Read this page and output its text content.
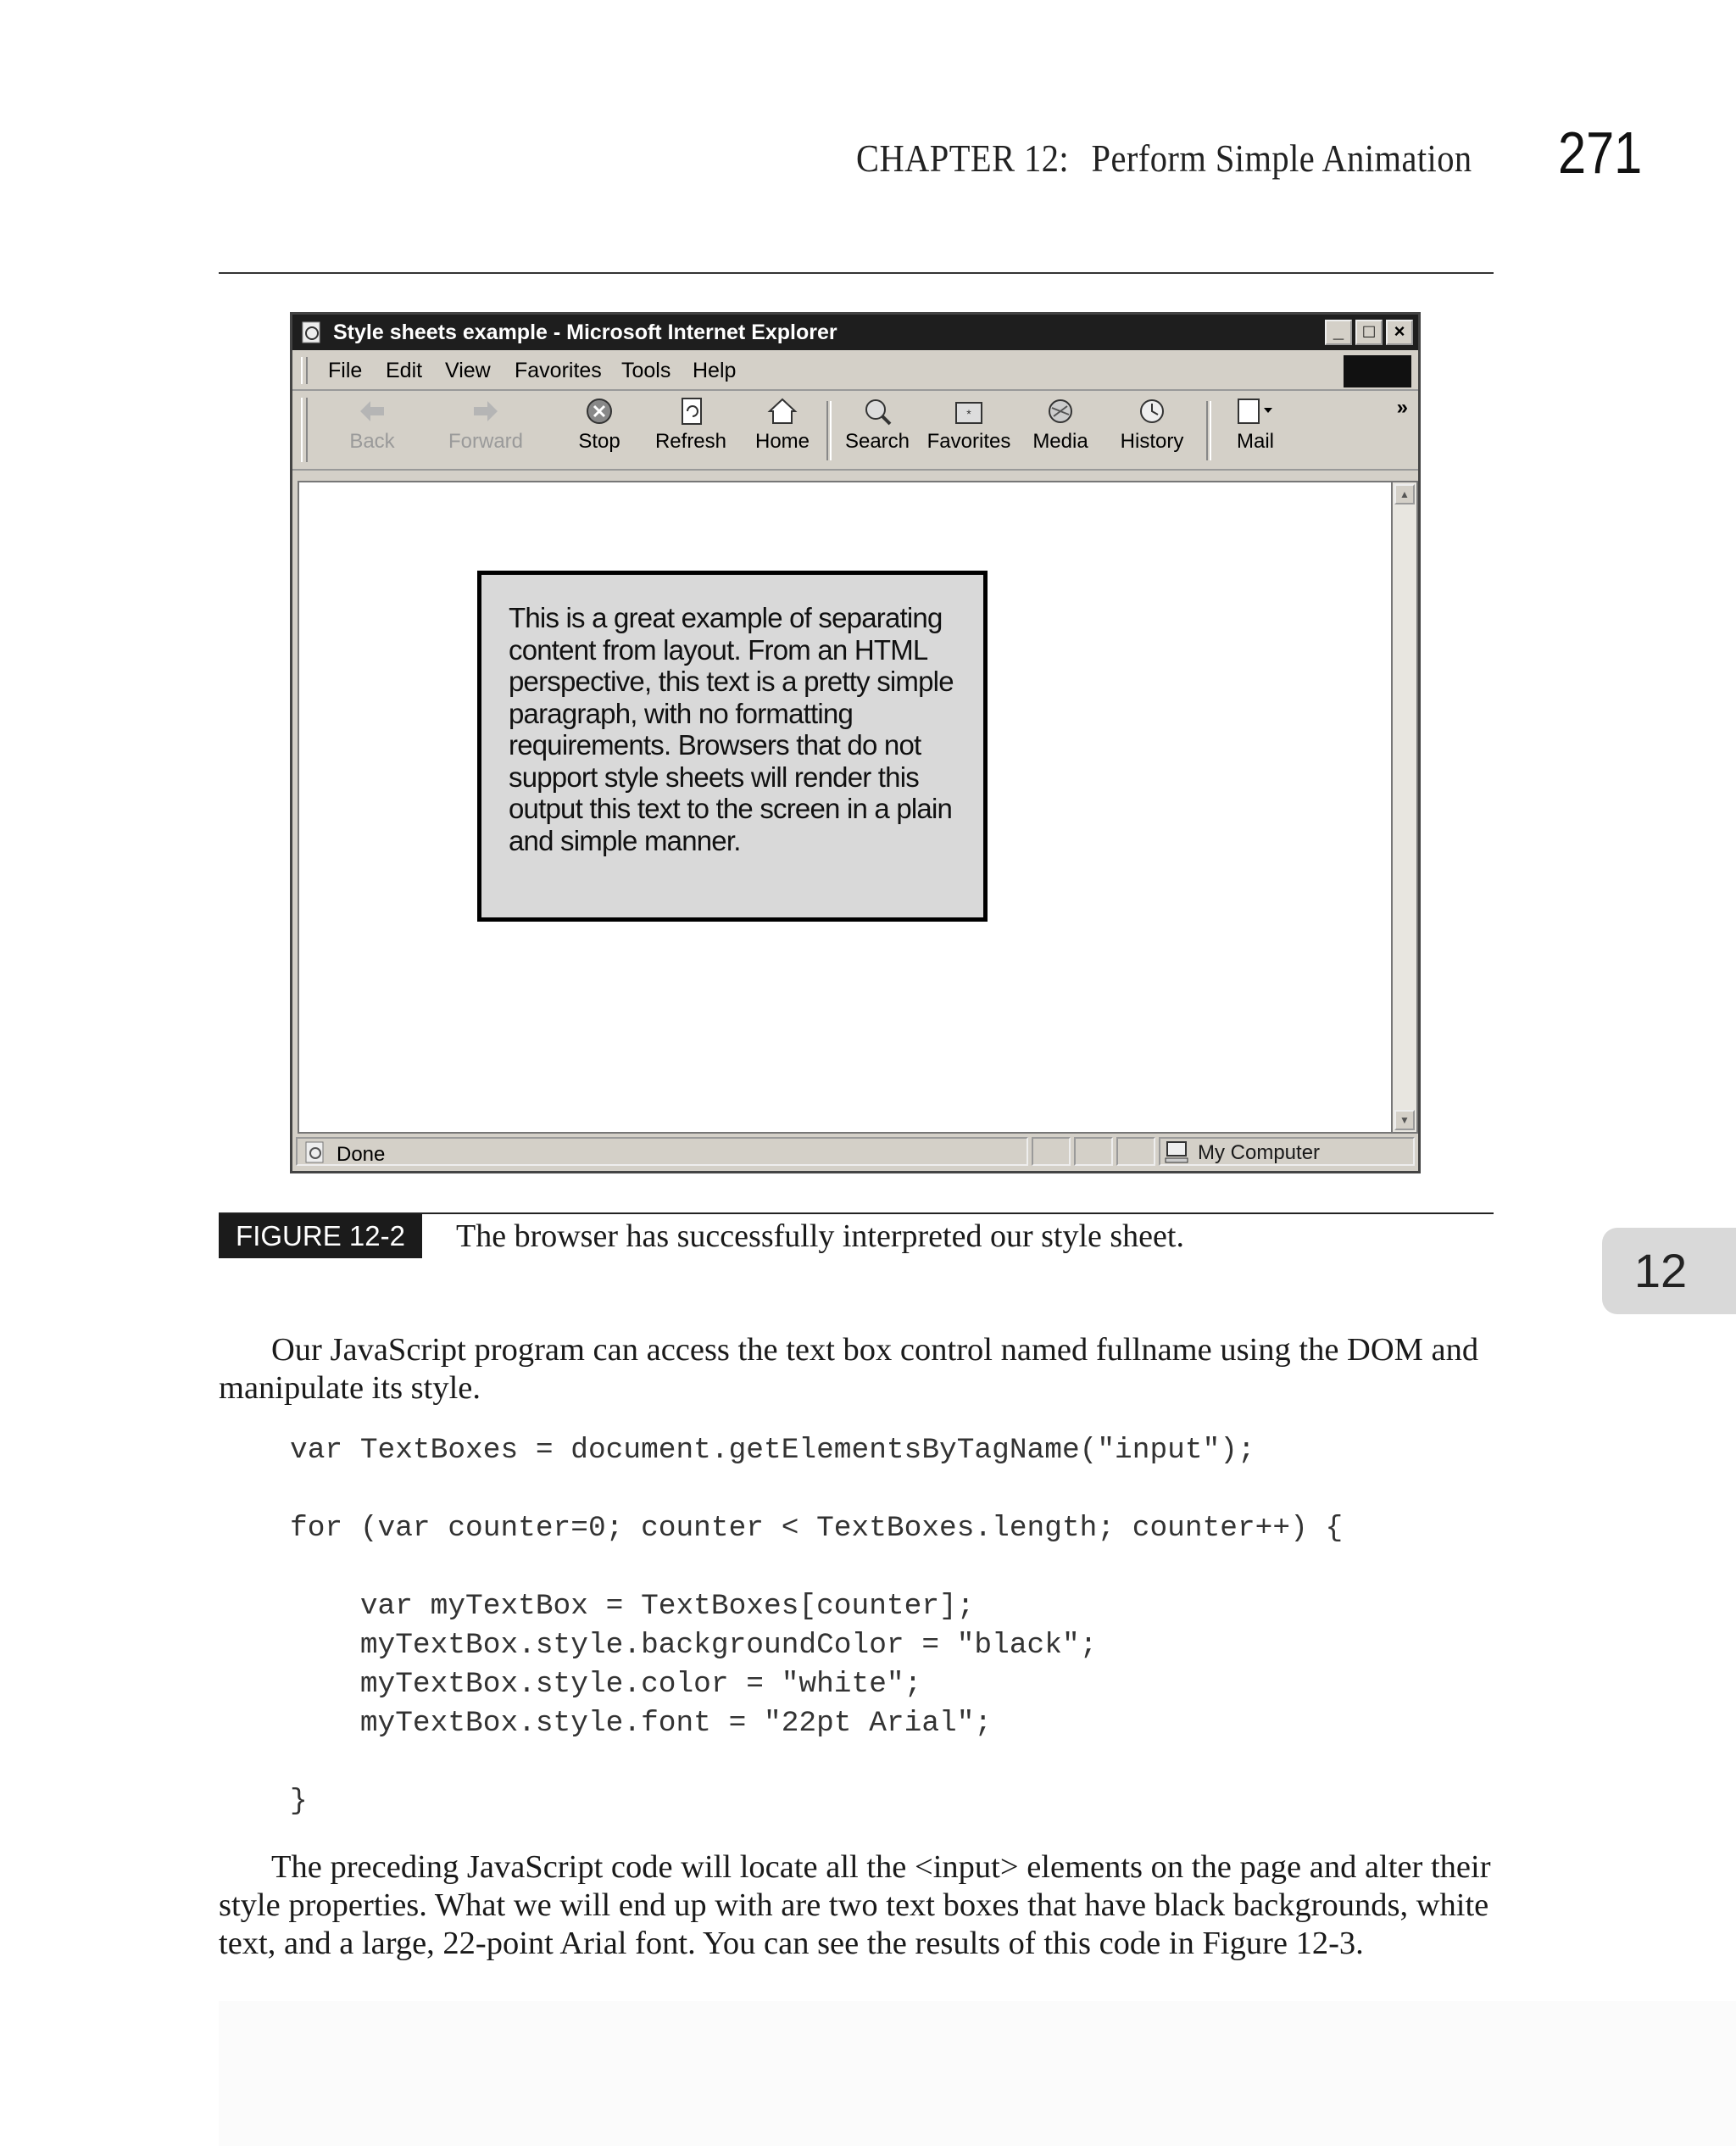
CHAPTER 12: Perform Simple Animation 271
Style sheets example - Microsoft Internet Explorer	_	□	×
File Edit View Favorites Tools Help
Back	Forward	Stop	Refresh	Home	Search
*
Favorites	Media	History	Mail
»
This is a great example of separating content from layout. From an HTML perspective, this text is a pretty simple paragraph, with no formatting requirements. Browsers that do not support style sheets will render this output this text to the screen in a plain and simple manner.
▲
▼
Done	My Computer
FIGURE 12-2	The browser has successfully interpreted our style sheet.
12
Our JavaScript program can access the text box control named fullname using the DOM and manipulate its style.
var TextBoxes = document.getElementsByTagName("input");
for (var counter=0; counter < TextBoxes.length; counter++) {
var myTextBox = TextBoxes[counter];
myTextBox.style.backgroundColor = "black";
myTextBox.style.color = "white";
myTextBox.style.font = "22pt Arial";
}
The preceding JavaScript code will locate all the <input> elements on the page and alter their style properties. What we will end up with are two text boxes that have black backgrounds, white text, and a large, 22-point Arial font. You can see the results of this code in Figure 12-3.
